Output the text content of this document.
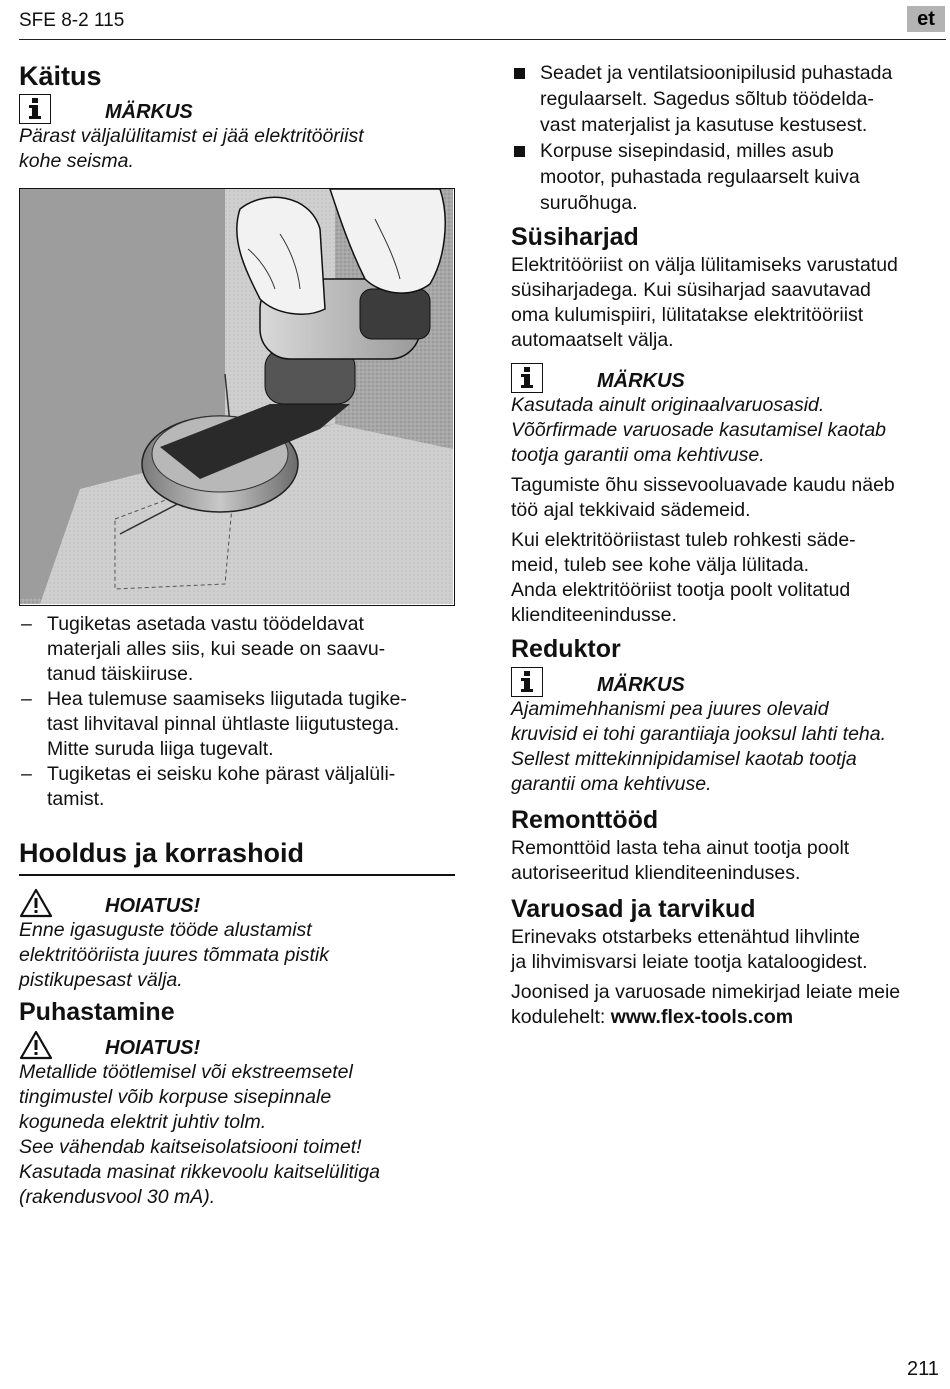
SFE 8-2 115	et
Käitus
MÄRKUS

Pärast väljalülitamist ei jää elektritööriist
kohe seisma.

– Tugiketas asetada vastu töödeldavat
materjali alles siis, kui seade on saavu-
tanud täiskiiruse.
– Hea tulemuse saamiseks liigutada tugike-
tast lihvitaval pinnal ühtlaste liigutustega.
Mitte suruda liiga tugevalt.
– Tugiketas ei seisku kohe pärast väljalüli-
tamist.
Hooldus ja korrashoid
HOIATUS!

Enne igasuguste tööde alustamist
elektritööriista juures tõmmata pistik
pistikupesast välja.

Puhastamine
HOIATUS!

Metallide töötlemisel või ekstreemsetel
tingimustel võib korpuse sisepinnale
koguneda elektrit juhtiv tolm.
See vähendab kaitseisolatsiooni toimet!
Kasutada masinat rikkevoolu kaitselülitiga
(rakendusvool 30 mA).

Seadet ja ventilatsioonipilusid puhastada
regulaarselt. Sagedus sõltub töödelda-
vast materjalist ja kasutuse kestusest.
Korpuse sisepindasid, milles asub
mootor, puhastada regulaarselt kuiva
suruõhuga.
Süsiharjad

Elektritööriist on välja lülitamiseks varustatud
süsiharjadega. Kui süsiharjad saavutavad
oma kulumispiiri, lülitatakse elektritööriist
automaatselt välja.

MÄRKUS

Kasutada ainult originaalvaruosasid.
Võõrfirmade varuosade kasutamisel kaotab
tootja garantii oma kehtivuse.

Tagumiste õhu sissevooluavade kaudu näeb
töö ajal tekkivaid sädemeid.

Kui elektritööriistast tuleb rohkesti säde-
meid, tuleb see kohe välja lülitada.
Anda elektritööriist tootja poolt volitatud
klienditeenindusse.

Reduktor
MÄRKUS

Ajamimehhanismi pea juures olevaid
kruvisid ei tohi garantiiaja jooksul lahti teha.
Sellest mittekinnipidamisel kaotab tootja
garantii oma kehtivuse.

Remonttööd

Remonttöid lasta teha ainut tootja poolt
autoriseeritud klienditeeninduses.

Varuosad ja tarvikud

Erinevaks otstarbeks ettenähtud lihvlinte
ja lihvimisvarsi leiate tootja kataloogidest.

Joonised ja varuosade nimekirjad leiate meie
kodulehelt: www.flex-tools.com

211
